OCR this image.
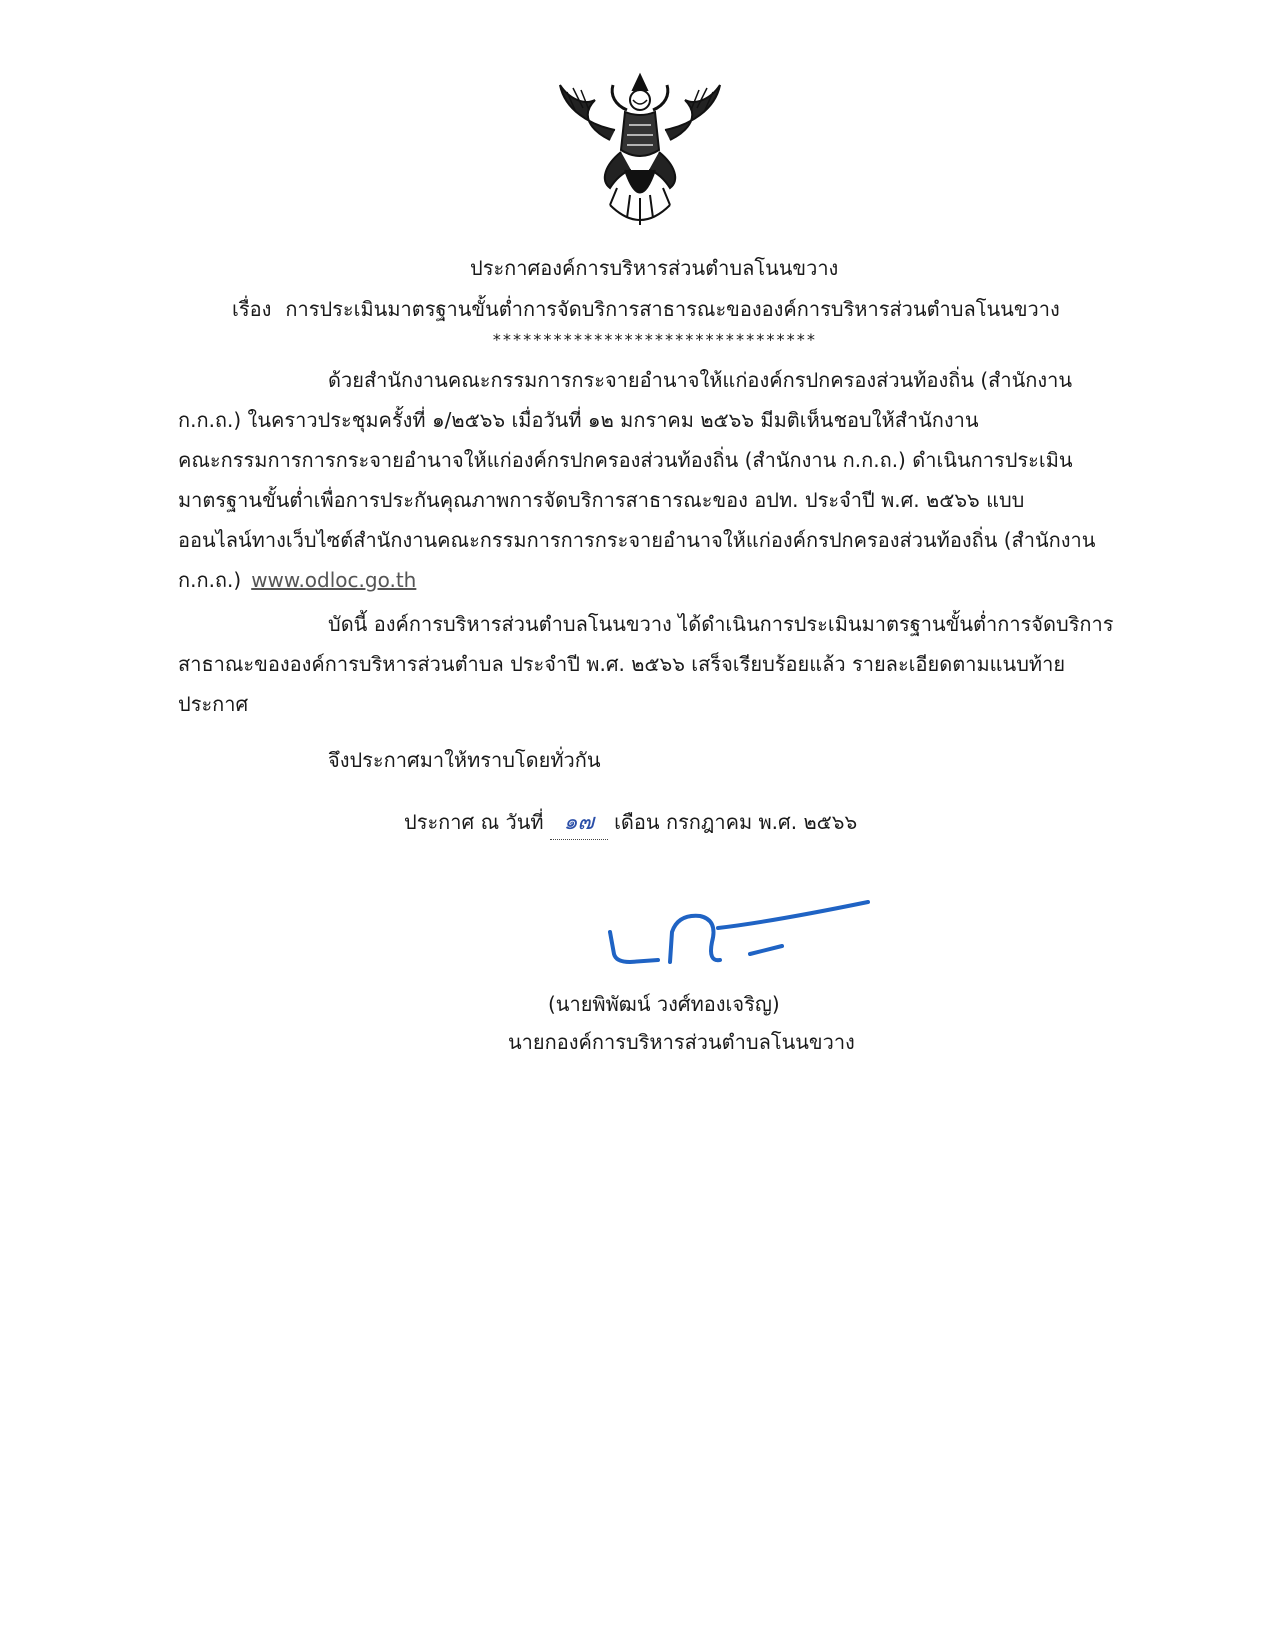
ประกาศองค์การบริหารส่วนตำบลโนนขวาง
เรื่อง การประเมินมาตรฐานขั้นต่ำการจัดบริการสาธารณะขององค์การบริหารส่วนตำบลโนนขวาง
********************************
ด้วยสำนักงานคณะกรรมการกระจายอำนาจให้แก่องค์กรปกครองส่วนท้องถิ่น (สำนักงาน
ก.ก.ถ.) ในคราวประชุมครั้งที่ ๑/๒๕๖๖ เมื่อวันที่ ๑๒ มกราคม ๒๕๖๖ มีมติเห็นชอบให้สำนักงาน
คณะกรรมการการกระจายอำนาจให้แก่องค์กรปกครองส่วนท้องถิ่น (สำนักงาน ก.ก.ถ.) ดำเนินการประเมิน
มาตรฐานขั้นต่ำเพื่อการประกันคุณภาพการจัดบริการสาธารณะของ อปท. ประจำปี พ.ศ. ๒๕๖๖ แบบ
ออนไลน์ทางเว็บไซต์สำนักงานคณะกรรมการการกระจายอำนาจให้แก่องค์กรปกครองส่วนท้องถิ่น (สำนักงาน
ก.ก.ถ.) www.odloc.go.th
บัดนี้ องค์การบริหารส่วนตำบลโนนขวาง ได้ดำเนินการประเมินมาตรฐานขั้นต่ำการจัดบริการ
สาธาณะขององค์การบริหารส่วนตำบล ประจำปี พ.ศ. ๒๕๖๖ เสร็จเรียบร้อยแล้ว รายละเอียดตามแนบท้าย
ประกาศ
จึงประกาศมาให้ทราบโดยทั่วกัน
ประกาศ ณ วันที่ ๑๗ เดือน กรกฎาคม พ.ศ. ๒๕๖๖
(นายพิพัฒน์ วงศ์ทองเจริญ)
นายกองค์การบริหารส่วนตำบลโนนขวาง
